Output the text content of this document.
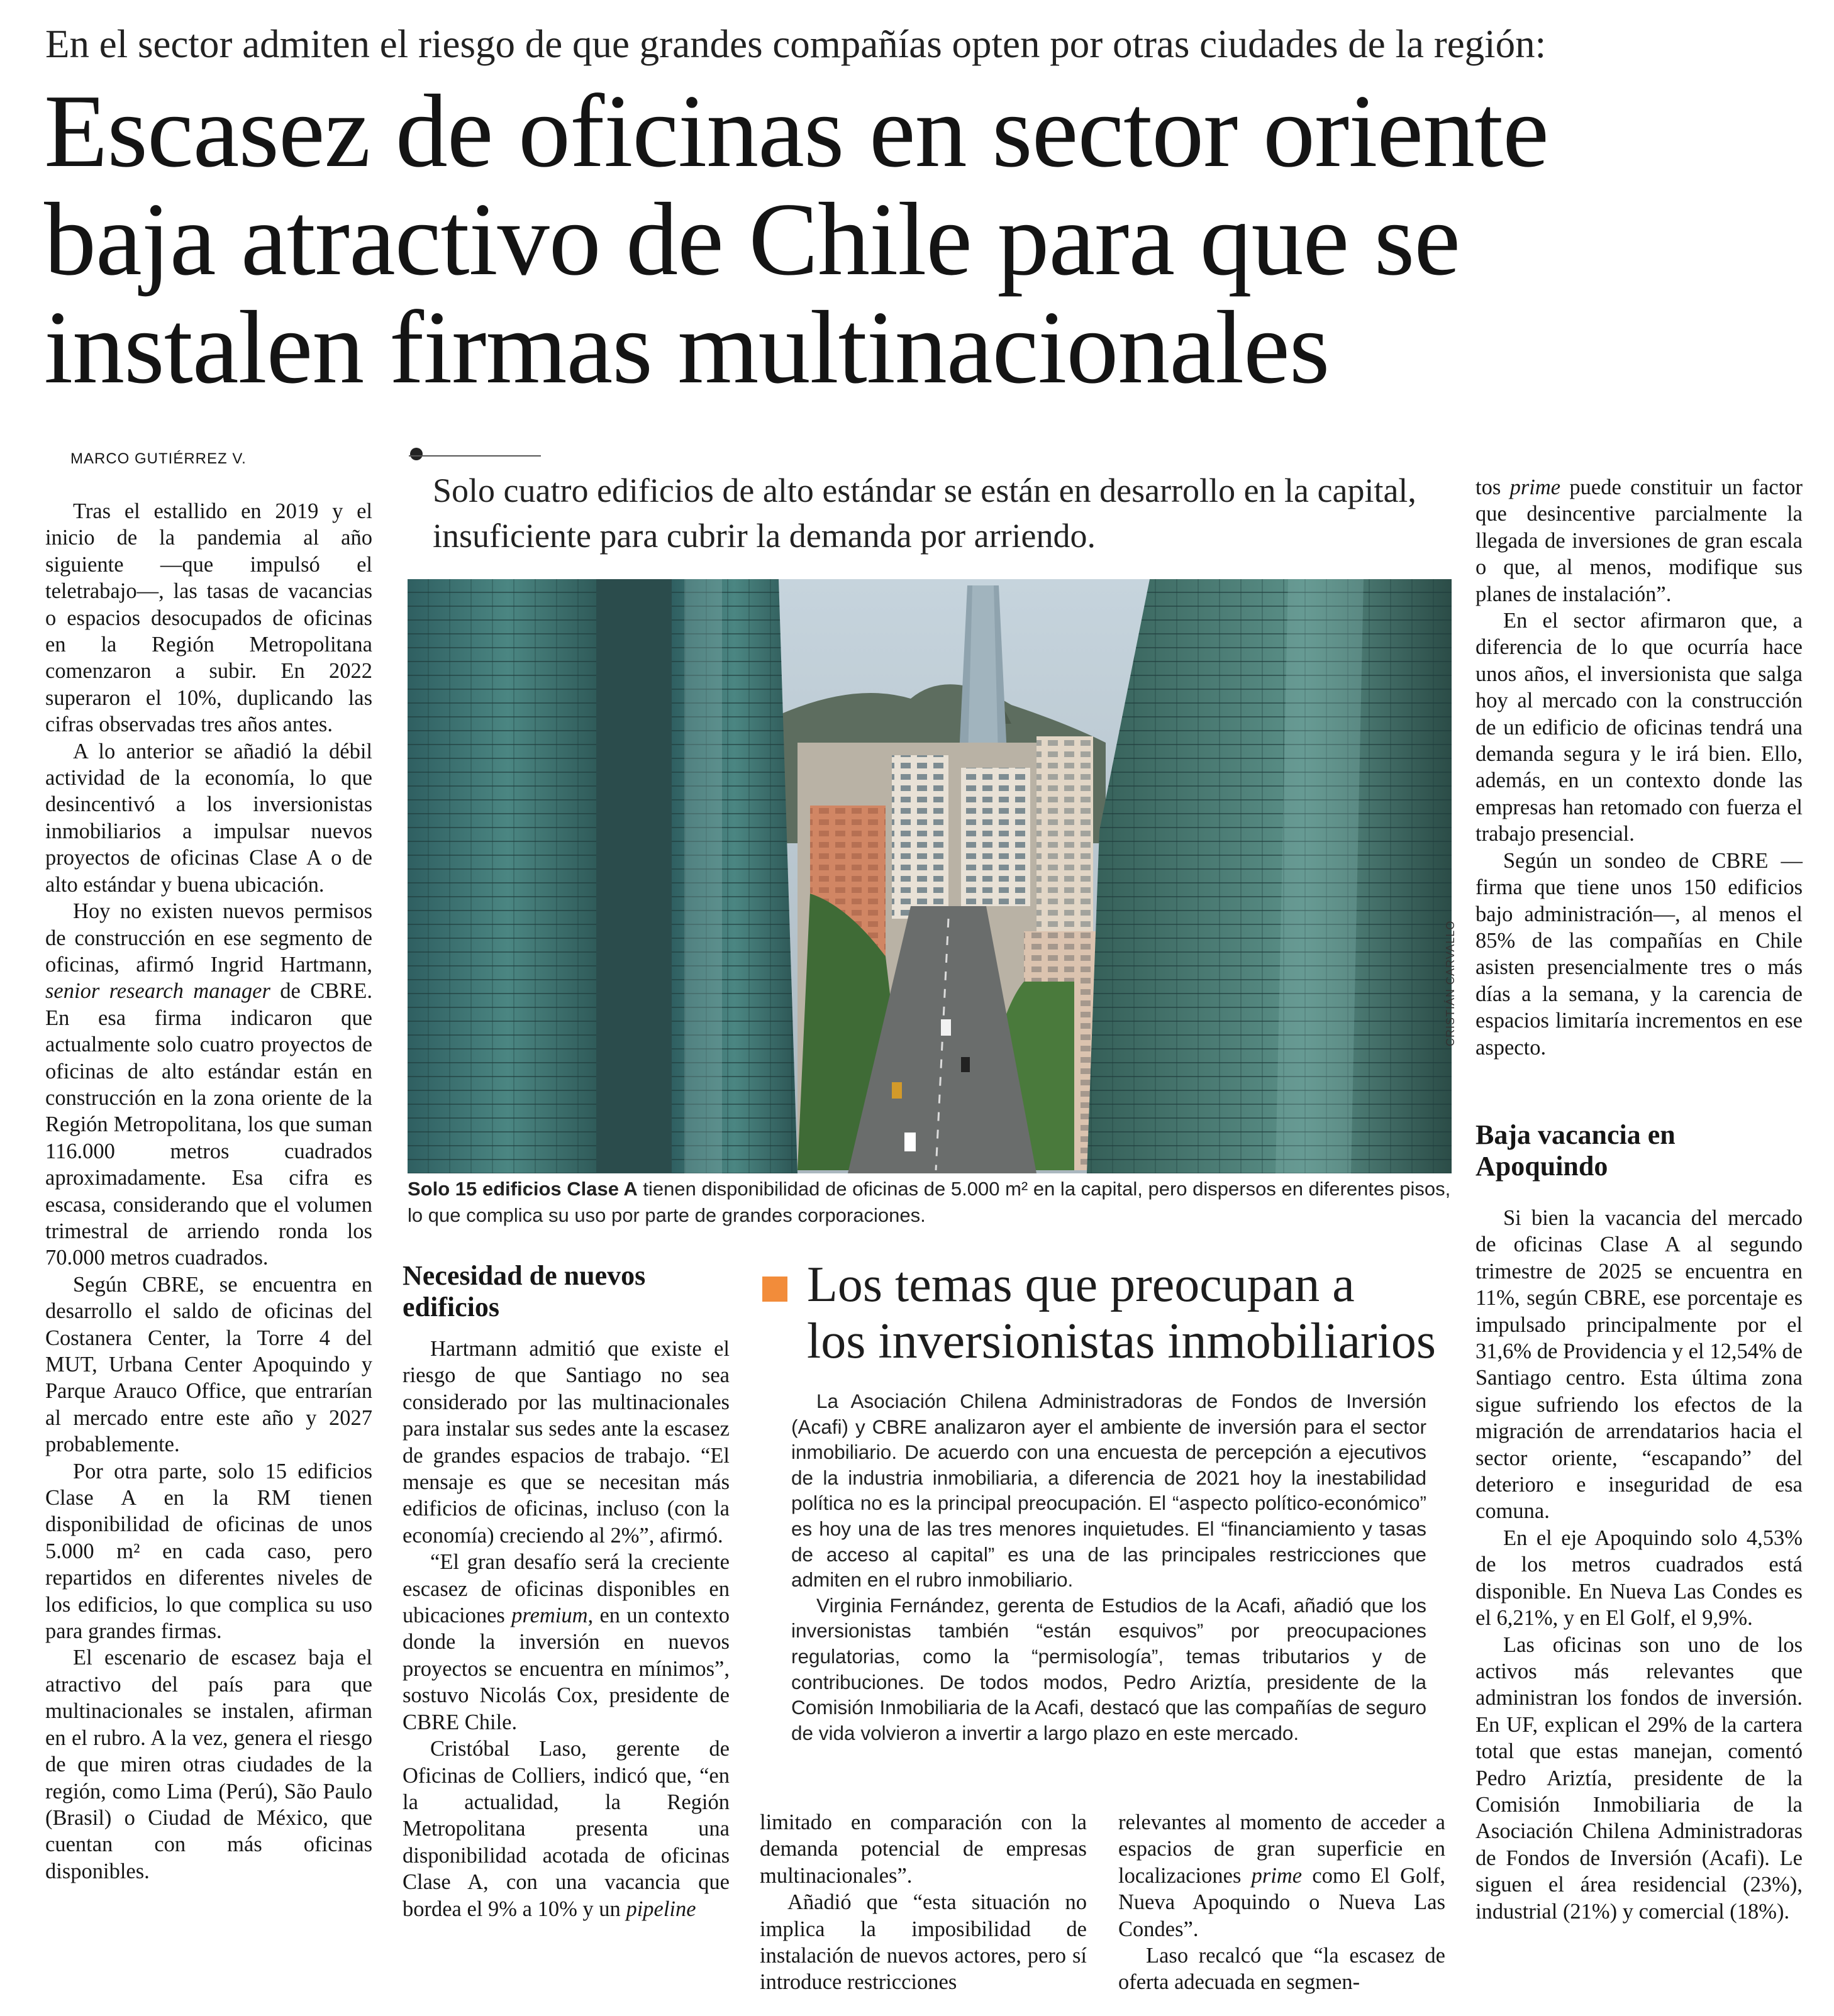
En el sector admiten el riesgo de que grandes compañías opten por otras ciudades de la región:
Escasez de oficinas en sector oriente
baja atractivo de Chile para que se
instalen firmas multinacionales
MARCO GUTIÉRREZ V.

Tras el estallido en 2019 y el inicio de la pandemia al año siguiente —que impulsó el teletrabajo—, las tasas de vacancias o espacios desocupados de oficinas en la Región Metropolitana comenzaron a subir. En 2022 superaron el 10%, duplicando las cifras observadas tres años antes.

A lo anterior se añadió la débil actividad de la economía, lo que desincentivó a los inversionistas inmobiliarios a impulsar nuevos proyectos de oficinas Clase A o de alto estándar y buena ubicación.

Hoy no existen nuevos permisos de construcción en ese segmento de oficinas, afirmó Ingrid Hartmann, senior research manager de CBRE. En esa firma indicaron que actualmente solo cuatro proyectos de oficinas de alto estándar están en construcción en la zona oriente de la Región Metropolitana, los que suman 116.000 metros cuadrados aproximadamente. Esa cifra es escasa, considerando que el volumen trimestral de arriendo ronda los 70.000 metros cuadrados.

Según CBRE, se encuentra en desarrollo el saldo de oficinas del Costanera Center, la Torre 4 del MUT, Urbana Center Apoquindo y Parque Arauco Office, que entrarían al mercado entre este año y 2027 probablemente.

Por otra parte, solo 15 edificios Clase A en la RM tienen disponibilidad de oficinas de unos 5.000 m² en cada caso, pero repartidos en diferentes niveles de los edificios, lo que complica su uso para grandes firmas.

El escenario de escasez baja el atractivo del país para que multinacionales se instalen, afirman en el rubro. A la vez, genera el riesgo de que miren otras ciudades de la región, como Lima (Perú), São Paulo (Brasil) o Ciudad de México, que cuentan con más oficinas disponibles.

Solo cuatro edificios de alto estándar se están en desarrollo en la capital, insuficiente para cubrir la demanda por arriendo.
CRISTIÁN CARVALLO
Solo 15 edificios Clase A tienen disponibilidad de oficinas de 5.000 m² en la capital, pero dispersos en diferentes pisos, lo que complica su uso por parte de grandes corporaciones.
Necesidad de nuevos edificios

Hartmann admitió que existe el riesgo de que Santiago no sea considerado por las multinacionales para instalar sus sedes ante la escasez de grandes espacios de trabajo. “El mensaje es que se necesitan más edificios de oficinas, incluso (con la economía) creciendo al 2%”, afirmó.

“El gran desafío será la creciente escasez de oficinas disponibles en ubicaciones premium, en un contexto donde la inversión en nuevos proyectos se encuentra en mínimos”, sostuvo Nicolás Cox, presidente de CBRE Chile.

Cristóbal Laso, gerente de Oficinas de Colliers, indicó que, “en la actualidad, la Región Metropolitana presenta una disponibilidad acotada de oficinas Clase A, con una vacancia que bordea el 9% a 10% y un pipeline

Los temas que preocupan a
los inversionistas inmobiliarios

La Asociación Chilena Administradoras de Fondos de Inversión (Acafi) y CBRE analizaron ayer el ambiente de inversión para el sector inmobiliario. De acuerdo con una encuesta de percepción a ejecutivos de la industria inmobiliaria, a diferencia de 2021 hoy la inestabilidad política no es la principal preocupación. El “aspecto político-económico” es hoy una de las tres menores inquietudes. El “financiamiento y tasas de acceso al capital” es una de las principales restricciones que admiten en el rubro inmobiliario.

Virginia Fernández, gerenta de Estudios de la Acafi, añadió que los inversionistas también “están esquivos” por preocupaciones regulatorias, como la “permisología”, temas tributarios y de contribuciones. De todos modos, Pedro Ariztía, presidente de la Comisión Inmobiliaria de la Acafi, destacó que las compañías de seguro de vida volvieron a invertir a largo plazo en este mercado.

limitado en comparación con la demanda potencial de empresas multinacionales”.

Añadió que “esta situación no implica la imposibilidad de instalación de nuevos actores, pero sí introduce restricciones

relevantes al momento de acceder a espacios de gran superficie en localizaciones prime como El Golf, Nueva Apoquindo o Nueva Las Condes”.

Laso recalcó que “la escasez de oferta adecuada en segmen-

tos prime puede constituir un factor que desincentive parcialmente la llegada de inversiones de gran escala o que, al menos, modifique sus planes de instalación”.

En el sector afirmaron que, a diferencia de lo que ocurría hace unos años, el inversionista que salga hoy al mercado con la construcción de un edificio de oficinas tendrá una demanda segura y le irá bien. Ello, además, en un contexto donde las empresas han retomado con fuerza el trabajo presencial.

Según un sondeo de CBRE —firma que tiene unos 150 edificios bajo administración—, al menos el 85% de las compañías en Chile asisten presencialmente tres o más días a la semana, y la carencia de espacios limitaría incrementos en ese aspecto.

Baja vacancia en Apoquindo

Si bien la vacancia del mercado de oficinas Clase A al segundo trimestre de 2025 se encuentra en 11%, según CBRE, ese porcentaje es impulsado principalmente por el 31,6% de Providencia y el 12,54% de Santiago centro. Esta última zona sigue sufriendo los efectos de la migración de arrendatarios hacia el sector oriente, “escapando” del deterioro e inseguridad de esa comuna.

En el eje Apoquindo solo 4,53% de los metros cuadrados está disponible. En Nueva Las Condes es el 6,21%, y en El Golf, el 9,9%.

Las oficinas son uno de los activos más relevantes que administran los fondos de inversión. En UF, explican el 29% de la cartera total que estas manejan, comentó Pedro Ariztía, presidente de la Comisión Inmobiliaria de la Asociación Chilena Administradoras de Fondos de Inversión (Acafi). Le siguen el área residencial (23%), industrial (21%) y comercial (18%).
